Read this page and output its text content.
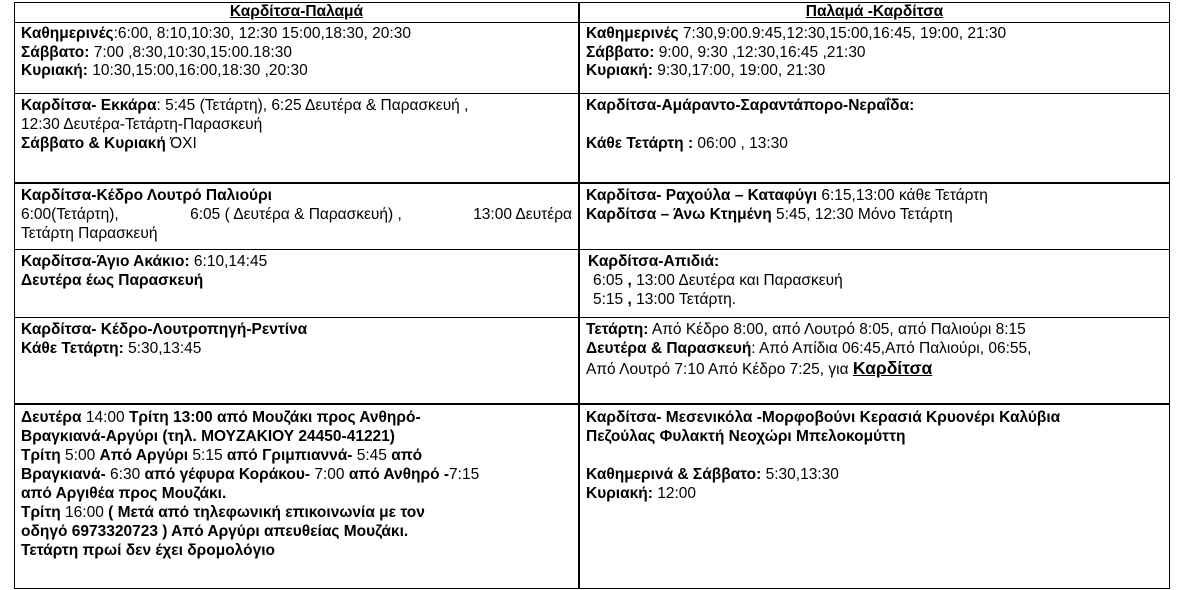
Καρδίτσα-Παλαμά
Καθημερινές:6:00, 8:10,10:30, 12:30 15:00,18:30, 20:30
Σάββατο: 7:00 ,8:30,10:30,15:00.18:30
Κυριακή: 10:30,15:00,16:00,18:30 ,20:30
Καρδίτσα- Εκκάρα: 5:45 (Τετάρτη), 6:25 Δευτέρα & Παρασκευή ,
12:30 Δευτέρα-Τετάρτη-Παρασκευή
Σάββατο & Κυριακή ΌΧΙ
Καρδίτσα-Κέδρο Λουτρό Παλιούρι
6:00(Τετάρτη),	6:05 ( Δευτέρα & Παρασκευή) ,	13:00 Δευτέρα
Τετάρτη Παρασκευή
Καρδίτσα-Άγιο Ακάκιο: 6:10,14:45
Δευτέρα έως Παρασκευή
Καρδίτσα- Κέδρο-Λουτροπηγή-Ρεντίνα
Κάθε Τετάρτη: 5:30,13:45
Δευτέρα 14:00 Τρίτη 13:00 από Μουζάκι προς Ανθηρό-
Βραγκιανά-Αργύρι (τηλ. ΜΟΥΖΑΚΙΟΥ 24450-41221)
Τρίτη 5:00 Από Αργύρι 5:15 από Γριμπιαννά- 5:45 από
Βραγκιανά- 6:30 από γέφυρα Κοράκου- 7:00 από Ανθηρό -7:15
από Αργιθέα προς Μουζάκι.
Τρίτη 16:00 ( Μετά από τηλεφωνική επικοινωνία με τον
οδηγό 6973320723 ) Από Αργύρι απευθείας Μουζάκι.
Τετάρτη πρωί δεν έχει δρομολόγιο
Παλαμά -Καρδίτσα
Καθημερινές 7:30,9:00.9:45,12:30,15:00,16:45, 19:00, 21:30
Σάββατο: 9:00, 9:30 ,12:30,16:45 ,21:30
Κυριακή: 9:30,17:00, 19:00, 21:30
Καρδίτσα-Αμάραντο-Σαραντάπορο-Νεραΐδα:

Κάθε Τετάρτη : 06:00 , 13:30
Καρδίτσα- Ραχούλα – Καταφύγι 6:15,13:00 κάθε Τετάρτη
Καρδίτσα – Άνω Κτημένη 5:45, 12:30 Μόνο Τετάρτη
Καρδίτσα-Απιδιά:
6:05 , 13:00 Δευτέρα και Παρασκευή
5:15 , 13:00 Τετάρτη.
Τετάρτη: Από Κέδρο 8:00, από Λουτρό 8:05, από Παλιούρι 8:15
Δευτέρα & Παρασκευή: Από Απίδια 06:45,Από Παλιούρι, 06:55,
Από Λουτρό 7:10 Από Κέδρο 7:25, για Καρδίτσα
Καρδίτσα- Μεσενικόλα -Μορφοβούνι Κερασιά Κρυονέρι Καλύβια
Πεζούλας Φυλακτή Νεοχώρι Μπελοκομύττη

Καθημερινά & Σάββατο: 5:30,13:30
Κυριακή: 12:00
